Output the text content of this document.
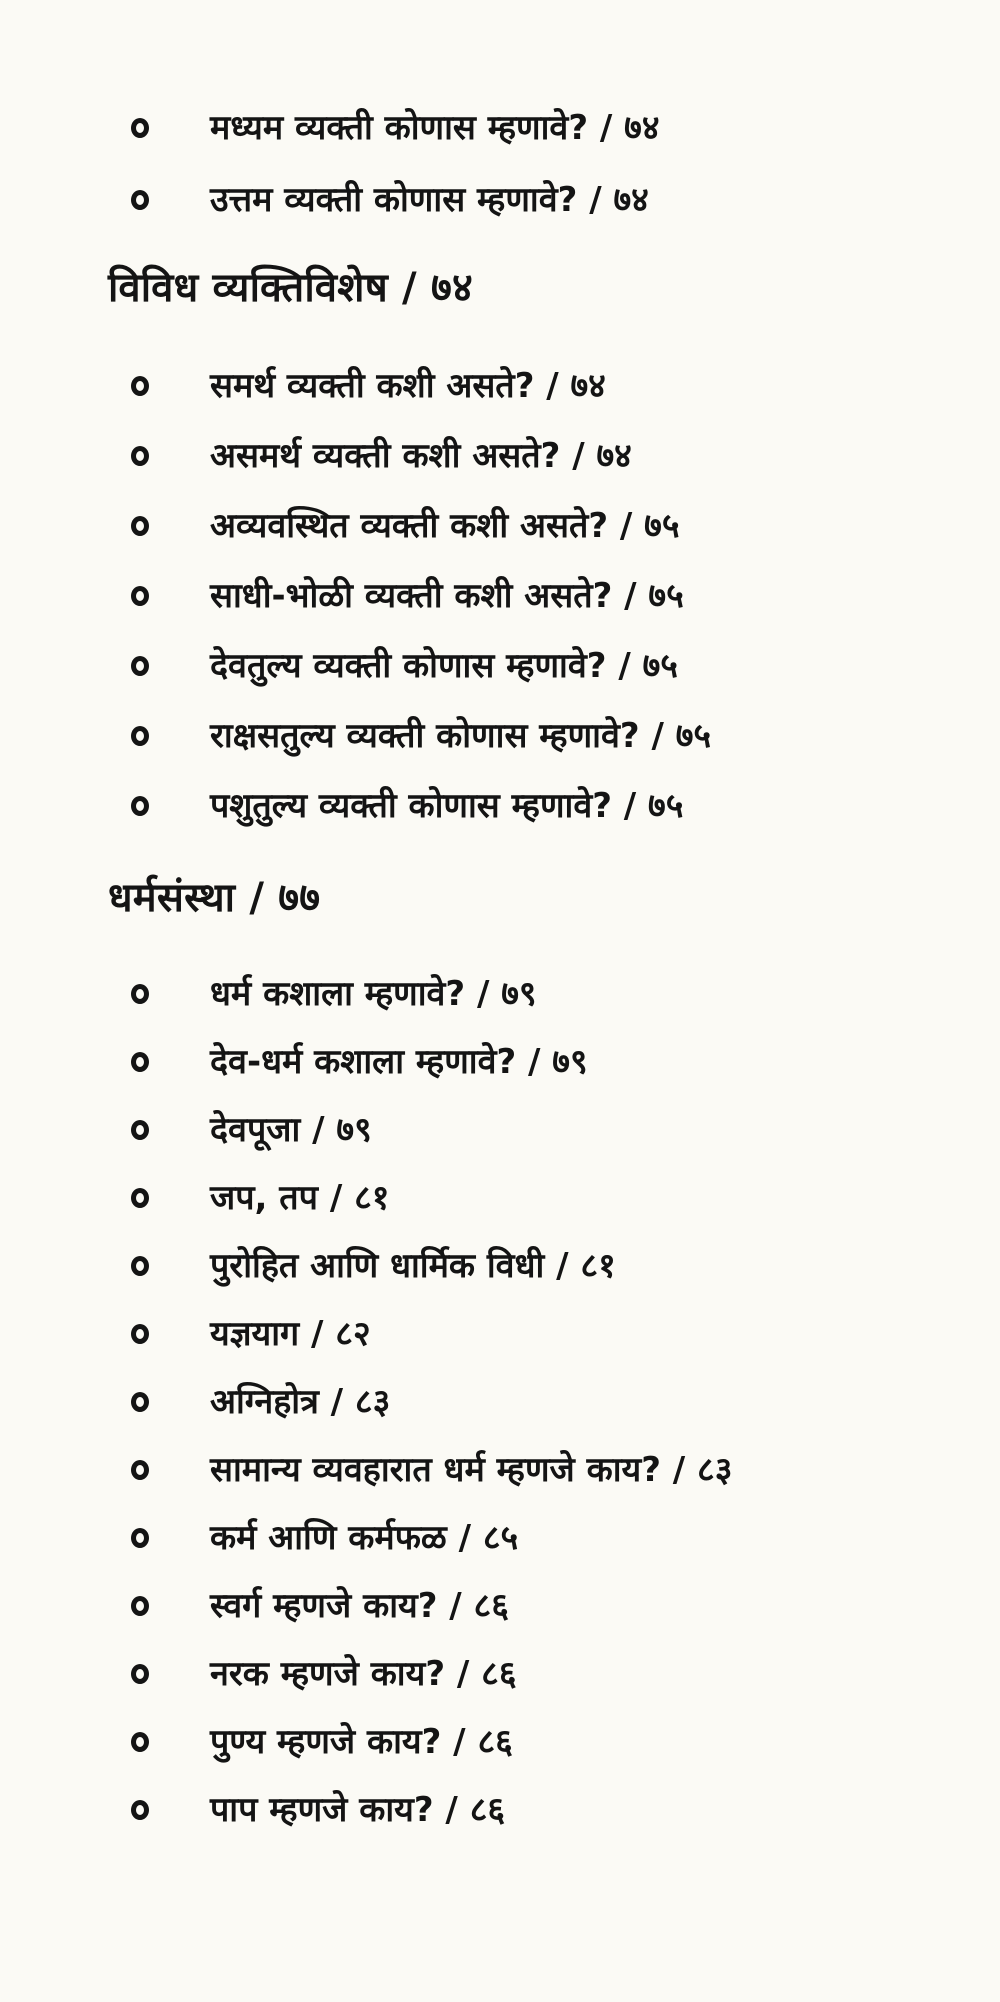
मध्यम व्यक्ती कोणास म्हणावे? / ७४
उत्तम व्यक्ती कोणास म्हणावे? / ७४
विविध व्यक्तिविशेष / ७४
समर्थ व्यक्ती कशी असते? / ७४
असमर्थ व्यक्ती कशी असते? / ७४
अव्यवस्थित व्यक्ती कशी असते? / ७५
साधी-भोळी व्यक्ती कशी असते? / ७५
देवतुल्य व्यक्ती कोणास म्हणावे? / ७५
राक्षसतुल्य व्यक्ती कोणास म्हणावे? / ७५
पशुतुल्य व्यक्ती कोणास म्हणावे? / ७५
धर्मसंस्था / ७७
धर्म कशाला म्हणावे? / ७९
देव-धर्म कशाला म्हणावे? / ७९
देवपूजा / ७९
जप, तप / ८१
पुरोहित आणि धार्मिक विधी / ८१
यज्ञयाग / ८२
अग्निहोत्र / ८३
सामान्य व्यवहारात धर्म म्हणजे काय? / ८३
कर्म आणि कर्मफळ / ८५
स्वर्ग म्हणजे काय? / ८६
नरक म्हणजे काय? / ८६
पुण्य म्हणजे काय? / ८६
पाप म्हणजे काय? / ८६
